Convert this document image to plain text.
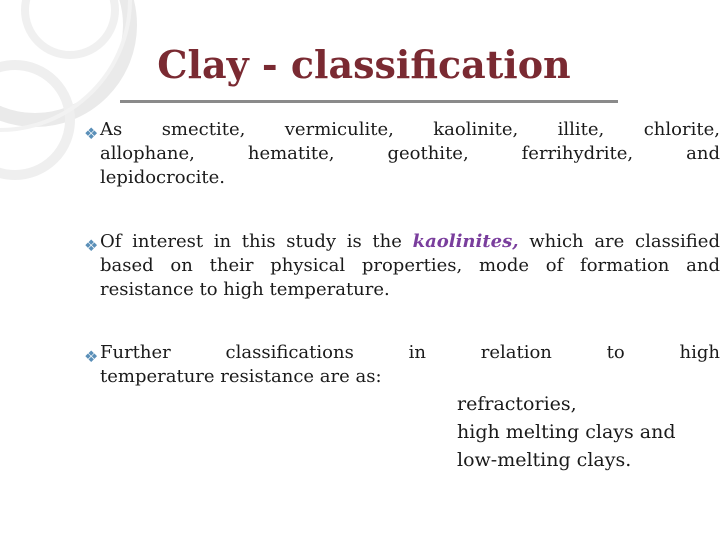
Clay - classification
❖ As smectite, vermiculite, kaolinite, illite, chlorite,
allophane,	hematite,	geothite,	ferrihydrite,	and
lepidocrocite.
❖ Of interest in this study is the kaolinites, which are classified based on their physical properties, mode of formation and resistance to high temperature.
❖ Further	classifications	in	relation	to	high
temperature resistance are as:
refractories,
high melting clays and
low-melting clays.
